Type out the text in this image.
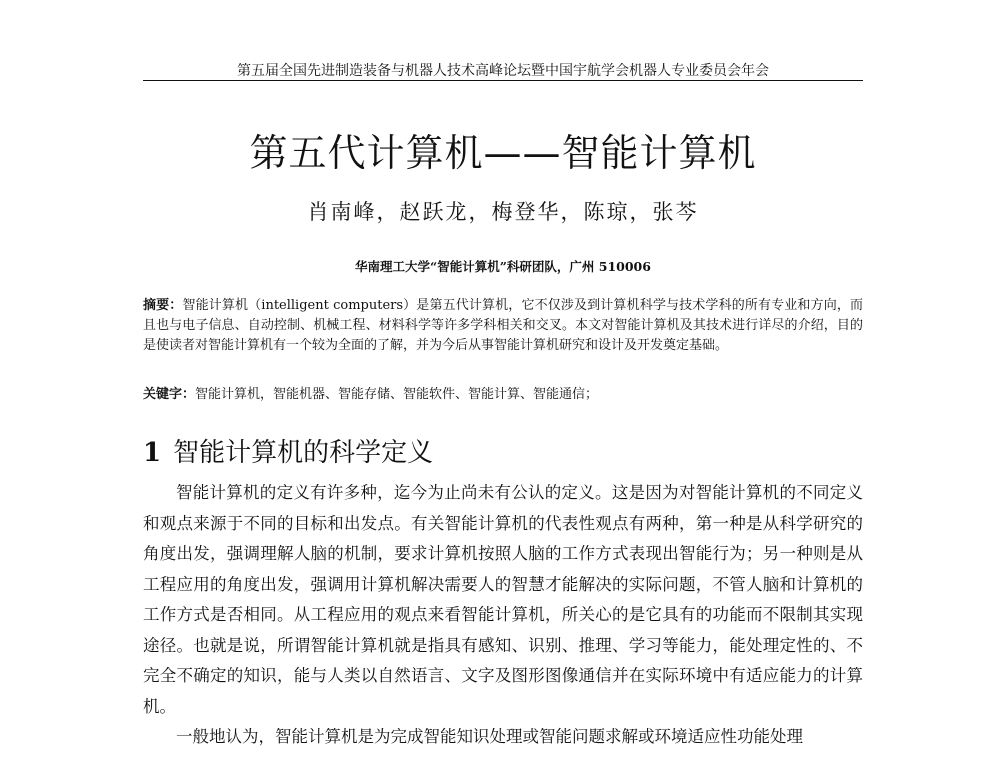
第五届全国先进制造装备与机器人技术高峰论坛暨中国宇航学会机器人专业委员会年会
第五代计算机——智能计算机
肖南峰，赵跃龙，梅登华，陈琼，张芩
华南理工大学“智能计算机”科研团队，广州 510006
摘要：智能计算机（intelligent computers）是第五代计算机，它不仅涉及到计算机科学与技术学科的所有专业和方向，而且也与电子信息、自动控制、机械工程、材料科学等许多学科相关和交叉。本文对智能计算机及其技术进行详尽的介绍，目的是使读者对智能计算机有一个较为全面的了解，并为今后从事智能计算机研究和设计及开发奠定基础。
关键字：智能计算机，智能机器、智能存储、智能软件、智能计算、智能通信；
1 智能计算机的科学定义

智能计算机的定义有许多种，迄今为止尚未有公认的定义。这是因为对智能计算机的不同定义和观点来源于不同的目标和出发点。有关智能计算机的代表性观点有两种，第一种是从科学研究的角度出发，强调理解人脑的机制，要求计算机按照人脑的工作方式表现出智能行为；另一种则是从工程应用的角度出发，强调用计算机解决需要人的智慧才能解决的实际问题，不管人脑和计算机的工作方式是否相同。从工程应用的观点来看智能计算机，所关心的是它具有的功能而不限制其实现途径。也就是说，所谓智能计算机就是指具有感知、识别、推理、学习等能力，能处理定性的、不完全不确定的知识，能与人类以自然语言、文字及图形图像通信并在实际环境中有适应能力的计算机。

一般地认为，智能计算机是为完成智能知识处理或智能问题求解或环境适应性功能处理
